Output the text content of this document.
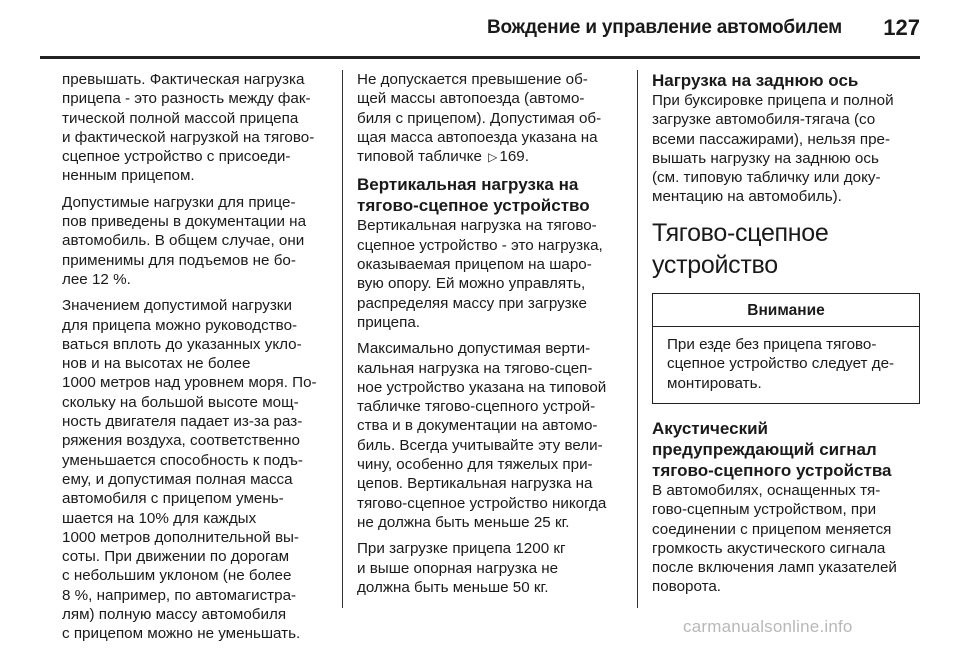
Вождение и управление автомобилем 127

превышать. Фактическая нагрузка
прицепа - это разность между фак-
тической полной массой прицепа
и фактической нагрузкой на тягово-
сцепное устройство с присоеди-
ненным прицепом.

Допустимые нагрузки для прице-
пов приведены в документации на
автомобиль. В общем случае, они
применимы для подъемов не бо-
лее 12 %.

Значением допустимой нагрузки
для прицепа можно руководство-
ваться вплоть до указанных укло-
нов и на высотах не более
1000 метров над уровнем моря. По-
скольку на большой высоте мощ-
ность двигателя падает из-за раз-
ряжения воздуха, соответственно
уменьшается способность к подъ-
ему, и допустимая полная масса
автомобиля с прицепом умень-
шается на 10% для каждых
1000 метров дополнительной вы-
соты. При движении по дорогам
с небольшим уклоном (не более
8 %, например, по автомагистра-
лям) полную массу автомобиля
с прицепом можно не уменьшать.

Не допускается превышение об-
щей массы автопоезда (автомо-
биля с прицепом). Допустимая об-
щая масса автопоезда указана на
типовой табличке ▷ 169.

Вертикальная нагрузка на
тягово-сцепное устройство

Вертикальная нагрузка на тягово-
сцепное устройство - это нагрузка,
оказываемая прицепом на шаро-
вую опору. Ей можно управлять,
распределяя массу при загрузке
прицепа.

Максимально допустимая верти-
кальная нагрузка на тягово-сцеп-
ное устройство указана на типовой
табличке тягово-сцепного устрой-
ства и в документации на автомо-
биль. Всегда учитывайте эту вели-
чину, особенно для тяжелых при-
цепов. Вертикальная нагрузка на
тягово-сцепное устройство никогда
не должна быть меньше 25 кг.

При загрузке прицепа 1200 кг
и выше опорная нагрузка не
должна быть меньше 50 кг.

Нагрузка на заднюю ось

При буксировке прицепа и полной
загрузке автомобиля-тягача (со
всеми пассажирами), нельзя пре-
вышать нагрузку на заднюю ось
(см. типовую табличку или доку-
ментацию на автомобиль).

Тягово-сцепное
устройство
Внимание
При езде без прицепа тягово-
сцепное устройство следует де-
монтировать.
Акустический
предупреждающий сигнал
тягово-сцепного устройства

В автомобилях, оснащенных тя-
гово-сцепным устройством, при
соединении с прицепом меняется
громкость акустического сигнала
после включения ламп указателей
поворота.

carmanualsonline.info
